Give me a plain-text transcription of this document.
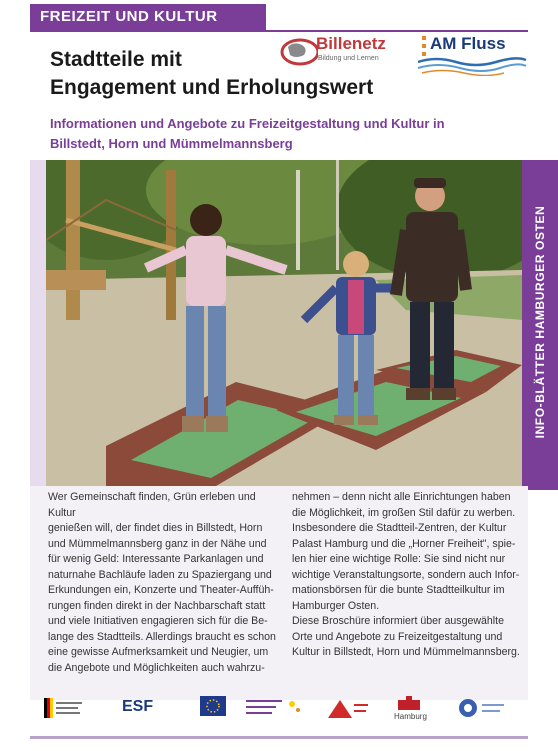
FREIZEIT UND KULTUR
Stadtteile mit
Engagement und Erholungswert
Informationen und Angebote zu Freizeitgestaltung und Kultur in
Billstedt, Horn und Mümmelmannsberg
Billenetz
Bildung und Lernen
AM Fluss
INFO-BLÄTTER HAMBURGER OSTEN
Wer Gemeinschaft finden, Grün erleben und Kultur
genießen will, der findet dies in Billstedt, Horn
und Mümmelmannsberg ganz in der Nähe und
für wenig Geld: Interessante Parkanlagen und
naturnahe Bachläufe laden zu Spaziergang und
Erkundungen ein, Konzerte und Theater-Auffüh-
rungen finden direkt in der Nachbarschaft statt
und viele Initiativen engagieren sich für die Be-
lange des Stadtteils. Allerdings braucht es schon
eine gewisse Aufmerksamkeit und Neugier, um
die Angebote und Möglichkeiten auch wahrzu-
nehmen – denn nicht alle Einrichtungen haben
die Möglichkeit, im großen Stil dafür zu werben.
Insbesondere die Stadtteil-Zentren, der Kultur
Palast Hamburg und die „Horner Freiheit", spie-
len hier eine wichtige Rolle: Sie sind nicht nur
wichtige Veranstaltungsorte, sondern auch Infor-
mationsbörsen für die bunte Stadtteilkultur im
Hamburger Osten.
Diese Broschüre informiert über ausgewählte
Orte und Angebote zu Freizeitgestaltung und
Kultur in Billstedt, Horn und Mümmelmannsberg.
ESF
Hamburg
